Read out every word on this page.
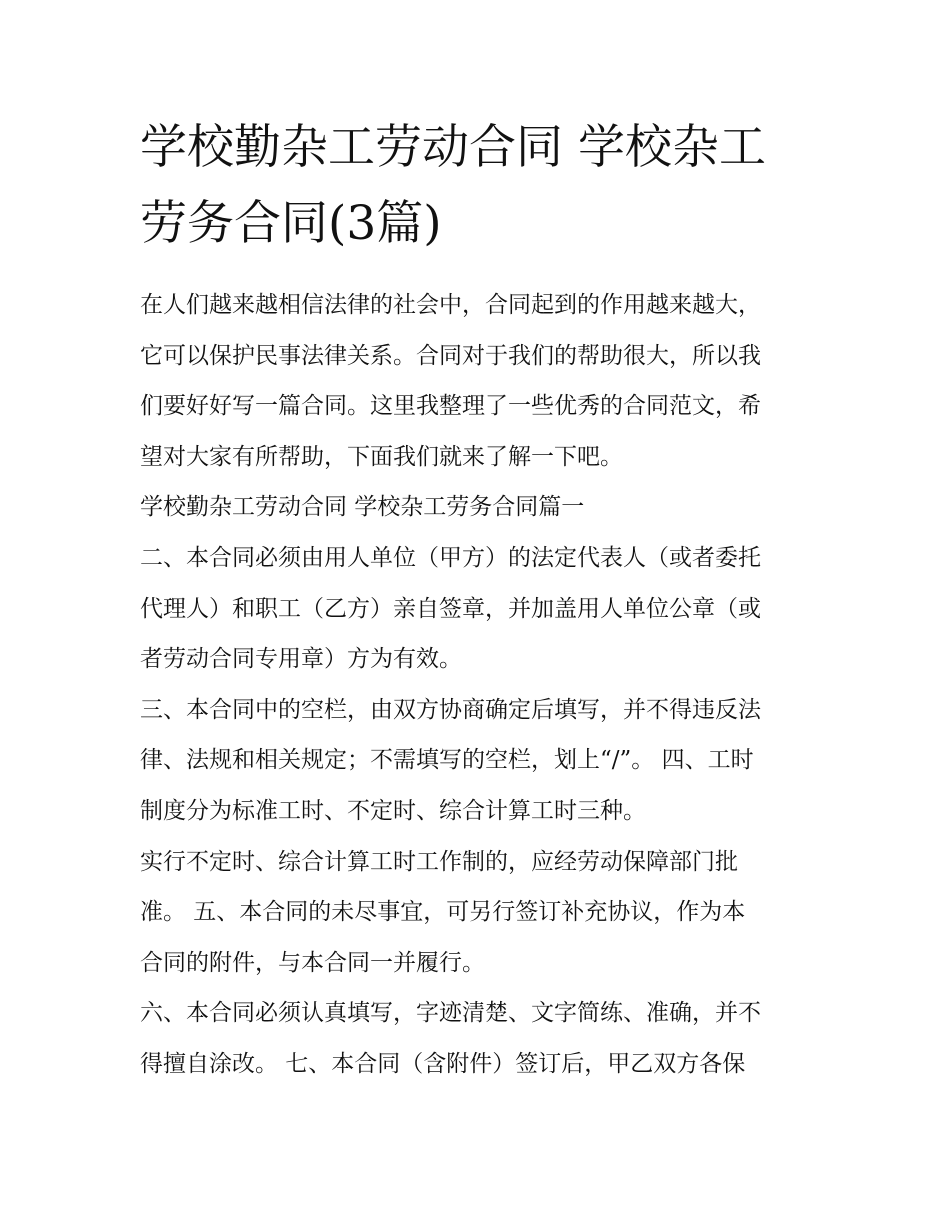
学校勤杂工劳动合同 学校杂工
劳务合同(3篇)

在人们越来越相信法律的社会中，合同起到的作用越来越大，
它可以保护民事法律关系。合同对于我们的帮助很大，所以我
们要好好写一篇合同。这里我整理了一些优秀的合同范文，希
望对大家有所帮助，下面我们就来了解一下吧。

学校勤杂工劳动合同 学校杂工劳务合同篇一

二、本合同必须由用人单位（甲方）的法定代表人（或者委托
代理人）和职工（乙方）亲自签章，并加盖用人单位公章（或
者劳动合同专用章）方为有效。

三、本合同中的空栏，由双方协商确定后填写，并不得违反法
律、法规和相关规定；不需填写的空栏，划上“/”。 四、工时
制度分为标准工时、不定时、综合计算工时三种。

实行不定时、综合计算工时工作制的，应经劳动保障部门批
准。 五、本合同的未尽事宜，可另行签订补充协议，作为本
合同的附件，与本合同一并履行。

六、本合同必须认真填写，字迹清楚、文字简练、准确，并不
得擅自涂改。 七、本合同（含附件）签订后，甲乙双方各保
